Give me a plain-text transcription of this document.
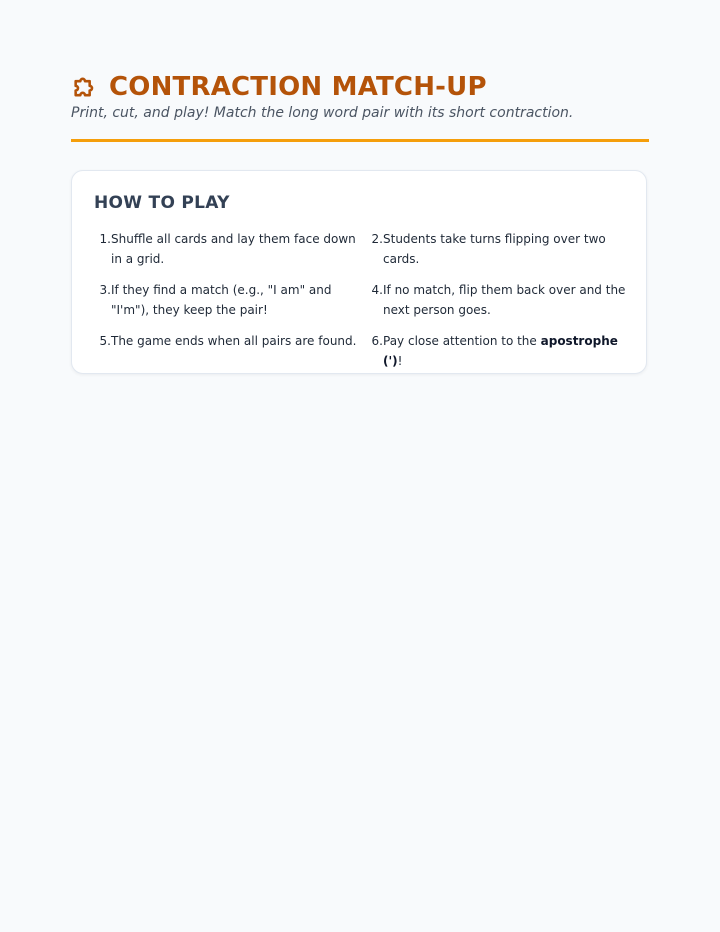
CONTRACTION MATCH-UP
Print, cut, and play! Match the long word pair with its short contraction.
HOW TO PLAY
1. Shuffle all cards and lay them face down in a grid.
2. Students take turns flipping over two cards.
3. If they find a match (e.g., "I am" and "I'm"), they keep the pair!
4. If no match, flip them back over and the next person goes.
5. The game ends when all pairs are found.	6. Pay close attention to the apostrophe (')!
